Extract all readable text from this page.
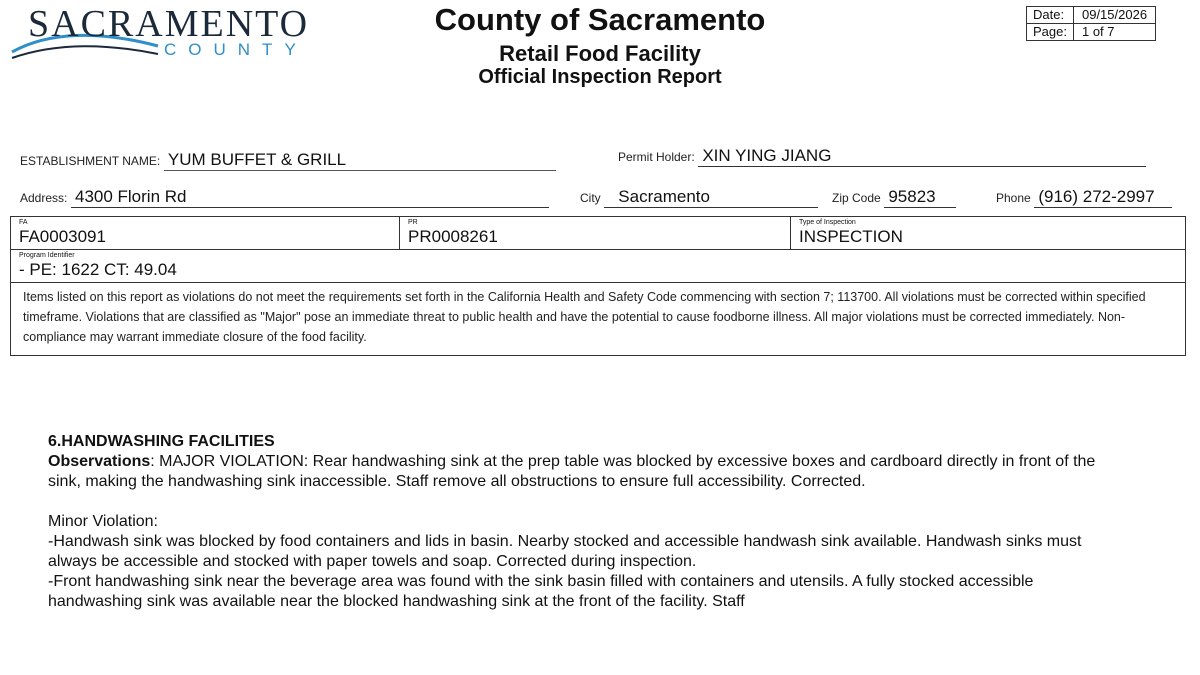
SACRAMENTO
COUNTY
County of Sacramento
Retail Food Facility
Official Inspection Report
Date:	09/15/2026
Page:	1 of 7
ESTABLISHMENT NAME: YUM BUFFET & GRILL	Permit Holder: XIN YING JIANG
Address: 4300 Florin Rd	City Sacramento	Zip Code 95823	Phone (916) 272-2997
FA
FA0003091
PR
PR0008261
Type of Inspection
INSPECTION
Program Identifier
- PE: 1622 CT: 49.04
Items listed on this report as violations do not meet the requirements set forth in the California Health and Safety Code commencing with section 7; 113700. All violations must be corrected within specified timeframe. Violations that are classified as "Major" pose an immediate threat to public health and have the potential to cause foodborne illness. All major violations must be corrected immediately. Non-compliance may warrant immediate closure of the food facility.
6.HANDWASHING FACILITIES
Observations: MAJOR VIOLATION: Rear handwashing sink at the prep table was blocked by excessive boxes and cardboard directly in front of the sink, making the handwashing sink inaccessible. Staff remove all obstructions to ensure full accessibility. Corrected.
Minor Violation:
-Handwash sink was blocked by food containers and lids in basin. Nearby stocked and accessible handwash sink available. Handwash sinks must always be accessible and stocked with paper towels and soap. Corrected during inspection.
-Front handwashing sink near the beverage area was found with the sink basin filled with containers and utensils. A fully stocked accessible handwashing sink was available near the blocked handwashing sink at the front of the facility. Staff
